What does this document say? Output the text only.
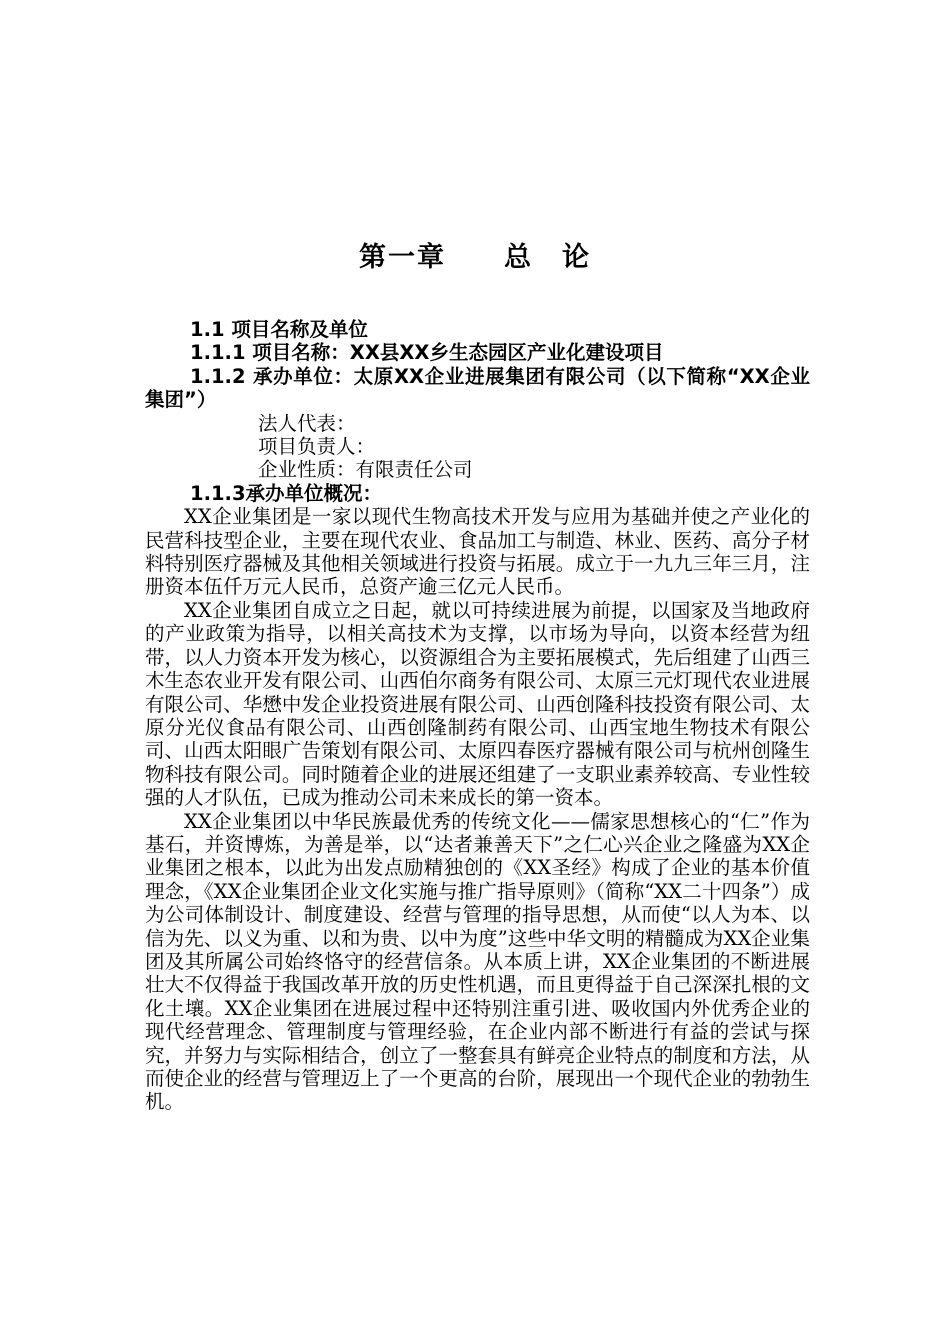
第一章　　总　论

1.1 项目名称及单位

1.1.1 项目名称：XX县XX乡生态园区产业化建设项目

1.1.2 承办单位：太原XX企业进展集团有限公司（以下简称“XX企业集团”）

法人代表：

项目负责人：

企业性质：有限责任公司

1.1.3承办单位概况：

XX企业集团是一家以现代生物高技术开发与应用为基础并使之产业化的民营科技型企业，主要在现代农业、食品加工与制造、林业、医药、高分子材料特别医疗器械及其他相关领域进行投资与拓展。成立于一九九三年三月，注册资本伍仟万元人民币，总资产逾三亿元人民币。

XX企业集团自成立之日起，就以可持续进展为前提，以国家及当地政府的产业政策为指导，以相关高技术为支撑，以市场为导向，以资本经营为纽带，以人力资本开发为核心，以资源组合为主要拓展模式，先后组建了山西三木生态农业开发有限公司、山西伯尔商务有限公司、太原三元灯现代农业进展有限公司、华懋中发企业投资进展有限公司、山西创隆科技投资有限公司、太原分光仪食品有限公司、山西创隆制药有限公司、山西宝地生物技术有限公司、山西太阳眼广告策划有限公司、太原四春医疗器械有限公司与杭州创隆生物科技有限公司。同时随着企业的进展还组建了一支职业素养较高、专业性较强的人才队伍，已成为推动公司未来成长的第一资本。

XX企业集团以中华民族最优秀的传统文化——儒家思想核心的“仁”作为基石，并资博炼，为善是举，以“达者兼善天下”之仁心兴企业之隆盛为XX企业集团之根本，以此为出发点励精独创的《XX圣经》构成了企业的基本价值理念，《XX企业集团企业文化实施与推广指导原则》（简称“XX二十四条”）成为公司体制设计、制度建设、经营与管理的指导思想，从而使“以人为本、以信为先、以义为重、以和为贵、以中为度”这些中华文明的精髓成为XX企业集团及其所属公司始终恪守的经营信条。从本质上讲，XX企业集团的不断进展壮大不仅得益于我国改革开放的历史性机遇，而且更得益于自己深深扎根的文化土壤。XX企业集团在进展过程中还特别注重引进、吸收国内外优秀企业的现代经营理念、管理制度与管理经验，在企业内部不断进行有益的尝试与探究，并努力与实际相结合，创立了一整套具有鲜亮企业特点的制度和方法，从而使企业的经营与管理迈上了一个更高的台阶，展现出一个现代企业的勃勃生机。
